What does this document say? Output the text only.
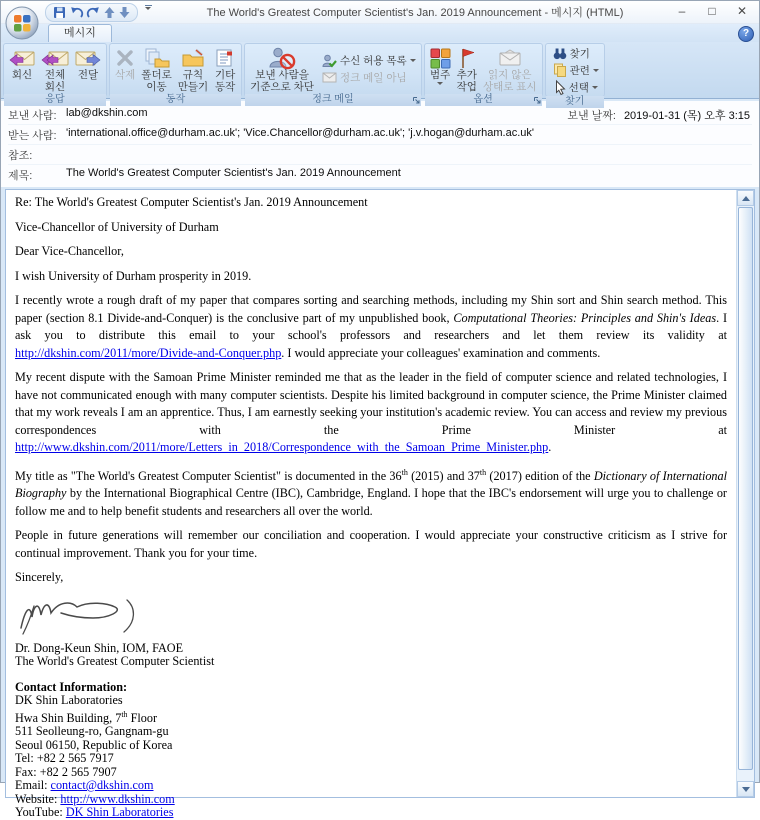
The World's Greatest Computer Scientist's Jan. 2019 Announcement - 메시지 (HTML)	–	□	✕
메시지	?
회신 전체
회신
전달
응답
삭제 폴더로
이동
규칙
만들기
기타
동작
동작
보낸 사람을
기준으로 차단
수신 허용 목록
정크 메일 아님
정크 메일
범주 추가
작업
읽지 않은
상태로 표시
옵션
찾기
관련
선택
찾기
보낸 사람: lab@dkshin.com	보낸 날짜: 2019-01-31 (목) 오후 3:15
받는 사람: 'international.office@durham.ac.uk'; 'Vice.Chancellor@durham.ac.uk'; 'j.v.hogan@durham.ac.uk'
참조:
제목:	The World's Greatest Computer Scientist's Jan. 2019 Announcement

Re: The World's Greatest Computer Scientist's Jan. 2019 Announcement

Vice-Chancellor of University of Durham

Dear Vice-Chancellor,

I wish University of Durham prosperity in 2019.

I recently wrote a rough draft of my paper that compares sorting and searching methods, including my Shin sort and Shin search method. This paper (section 8.1 Divide-and-Conquer) is the conclusive part of my unpublished book, Computational Theories: Principles and Shin's Ideas. I ask you to distribute this email to your school's professors and researchers and let them review its validity at http://dkshin.com/2011/more/Divide-and-Conquer.php. I would appreciate your colleagues' examination and comments.

My recent dispute with the Samoan Prime Minister reminded me that as the leader in the field of computer science and related technologies, I have not communicated enough with many computer scientists. Despite his limited background in computer science, the Prime Minister claimed that my work reveals I am an apprentice. Thus, I am earnestly seeking your institution's academic review. You can access and review my previous correspondences with the Prime Minister at http://www.dkshin.com/2011/more/Letters_in_2018/Correspondence_with_the_Samoan_Prime_Minister.php.

My title as "The World's Greatest Computer Scientist" is documented in the 36th (2015) and 37th (2017) edition of the Dictionary of International Biography by the International Biographical Centre (IBC), Cambridge, England. I hope that the IBC's endorsement will urge you to challenge or follow me and to help benefit students and researchers all over the world.

People in future generations will remember our conciliation and cooperation. I would appreciate your constructive criticism as I strive for continual improvement. Thank you for your time.

Sincerely,

Dr. Dong-Keun Shin, IOM, FAOE
The World's Greatest Computer Scientist
Contact Information:
DK Shin Laboratories
Hwa Shin Building, 7th Floor
511 Seolleung-ro, Gangnam-gu
Seoul 06150, Republic of Korea
Tel: +82 2 565 7917
Fax: +82 2 565 7907
Email: contact@dkshin.com
Website: http://www.dkshin.com
YouTube: DK Shin Laboratories
